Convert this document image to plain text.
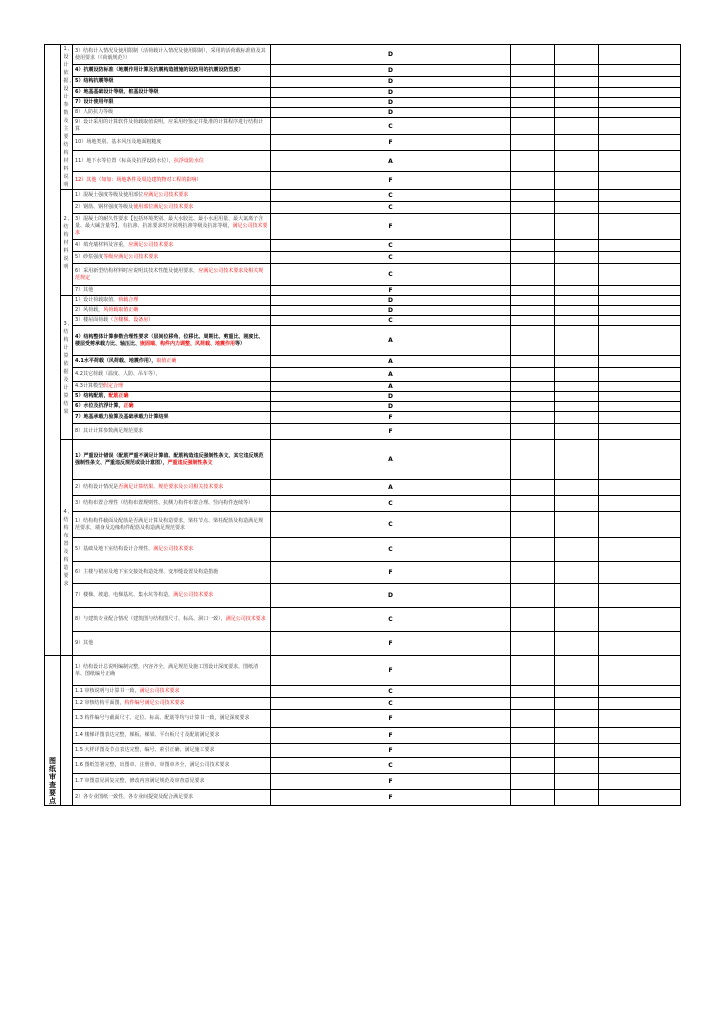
	1、设计依据、设计参数及主要结构材料说明	3）结构计入情况及使用限制（活荷载计入情况及使用限制），采用的活荷载标准值及其使用要求（《荷载规范》）	D			
		4）抗震设防标准（地震作用计算及抗震构造措施的设防用的抗震设防烈度）	D			
		5）结构抗震等级	D			
		6）地基基础设计等级、桩基设计等级	D			
		7）设计使用年限	D			
		8）人防抗力等级	D			
		9）设计采用的计算软件及荷载取值说明，应采用经鉴定并批准的计算程序进行结构计算	C			
		10）场地类别、基本风压及地面粗糙度	F			
		11）地下水等位置（标高及抗浮设防水位），抗浮设防水位	A			
		12）其他（如加：场地条件及周边建筑物对工程的影响）	F			
	2、结构材料说明	1）混凝土强度等级及使用部位应满足公司技术要求	C			
		2）钢筋、钢材强度等级及使用部位满足公司技术要求	C			
		3）混凝土的耐久性要求【包括环境类别、最大水胶比、最小水泥用量、最大氯离子含量、最大碱含量等】，有抗渗、抗冻要求时应说明抗渗等级及抗冻等级，满足公司技术要求	F			
		4）填充墙材料及容重，应满足公司技术要求	C			
		5）砂浆强度等级应满足公司技术要求	C			
		6）采用新型结构材料时应说明其技术性能及使用要求，应满足公司技术要求及相关规范规定	C			
		7）其他	F			
	3、结构计算依据及计算结果	1）设计荷载取值，荷载合理	D			
		2）风荷载，风荷载取值正确	D			
		3）楼屋面荷载（含楼梯、设备房）	C			
		4）结构整体计算参数合理性要求（层间位移角、位移比、周期比、剪重比、刚度比、楼层受剪承载力比、轴压比、嵌固端、构件内力调整、风荷载、地震作用等）	A			
		4.1水平荷载（风荷载、地震作用），取值正确	A			
		4.2其它荷载（温度、人防、吊车等），	A			
		4.3计算模型假定合理	A			
		5）结构配筋，配筋正确	D			
		6）水位及抗浮计算，正确	D			
		7）地基承载力验算及基础承载力计算结果	F			
		8）其计计算参数满足规范要求	F			
	4、结构布置及构造要求	1）严重设计错误（配筋严重不满足计算值、配筋构造违反强制性条文、其它违反规范强制性条文、严重违反规范或设计意图），严重违反强制性条文	A			
		2）结构设计情况是否满足计算结果、规范要求及公司相关技术要求	A			
		3）结构布置合理性（结构布置规则性、抗侧力构件布置合理、竖向构件连续等）	C			
		1）结构构件截面及配筋是否满足计算及构造要求，梁柱节点、梁柱配筋及构造满足规范要求，墙身及边缘构件配筋及构造满足规范要求	C			
		5）基础及地下室结构设计合理性、满足公司技术要求	C			
		6）主楼与裙房及地下室交接处构造处理、变形缝设置及构造措施	F			
		7）楼梯、坡道、电梯基坑、集水坑等构造，满足公司技术要求	D			
		8）与建筑专业配合情况（建筑图与结构图尺寸、标高、洞口一致），满足公司技术要求	C			
		9）其他	F			
图纸审查要点		1）结构设计总说明编制完整，内容齐全，满足规范及施工图设计深度要求，图纸清单、图纸编号正确	F			
		1.1 审核说明与计算书一致，满足公司技术要求	C			
		1.2 审核结构平面图，构件编号满足公司技术要求	C			
		1.3 构件编号与截面尺寸、定位、标高、配筋等均与计算书一致，满足深度要求	F			
		1.4 楼梯详图表达完整，梯板、梯梁、平台板尺寸及配筋满足要求	F			
		1.5 大样详图及节点表达完整，编号、索引正确，满足施工要求	F			
		1.6 图纸签署完整，出图章、注册章、审图章齐全，满足公司技术要求	C			
		1.7 审图意见回复完整，修改内容满足规范及审查意见要求	F			
		2）各专业图纸一致性，各专业间提资及配合满足要求	F			
